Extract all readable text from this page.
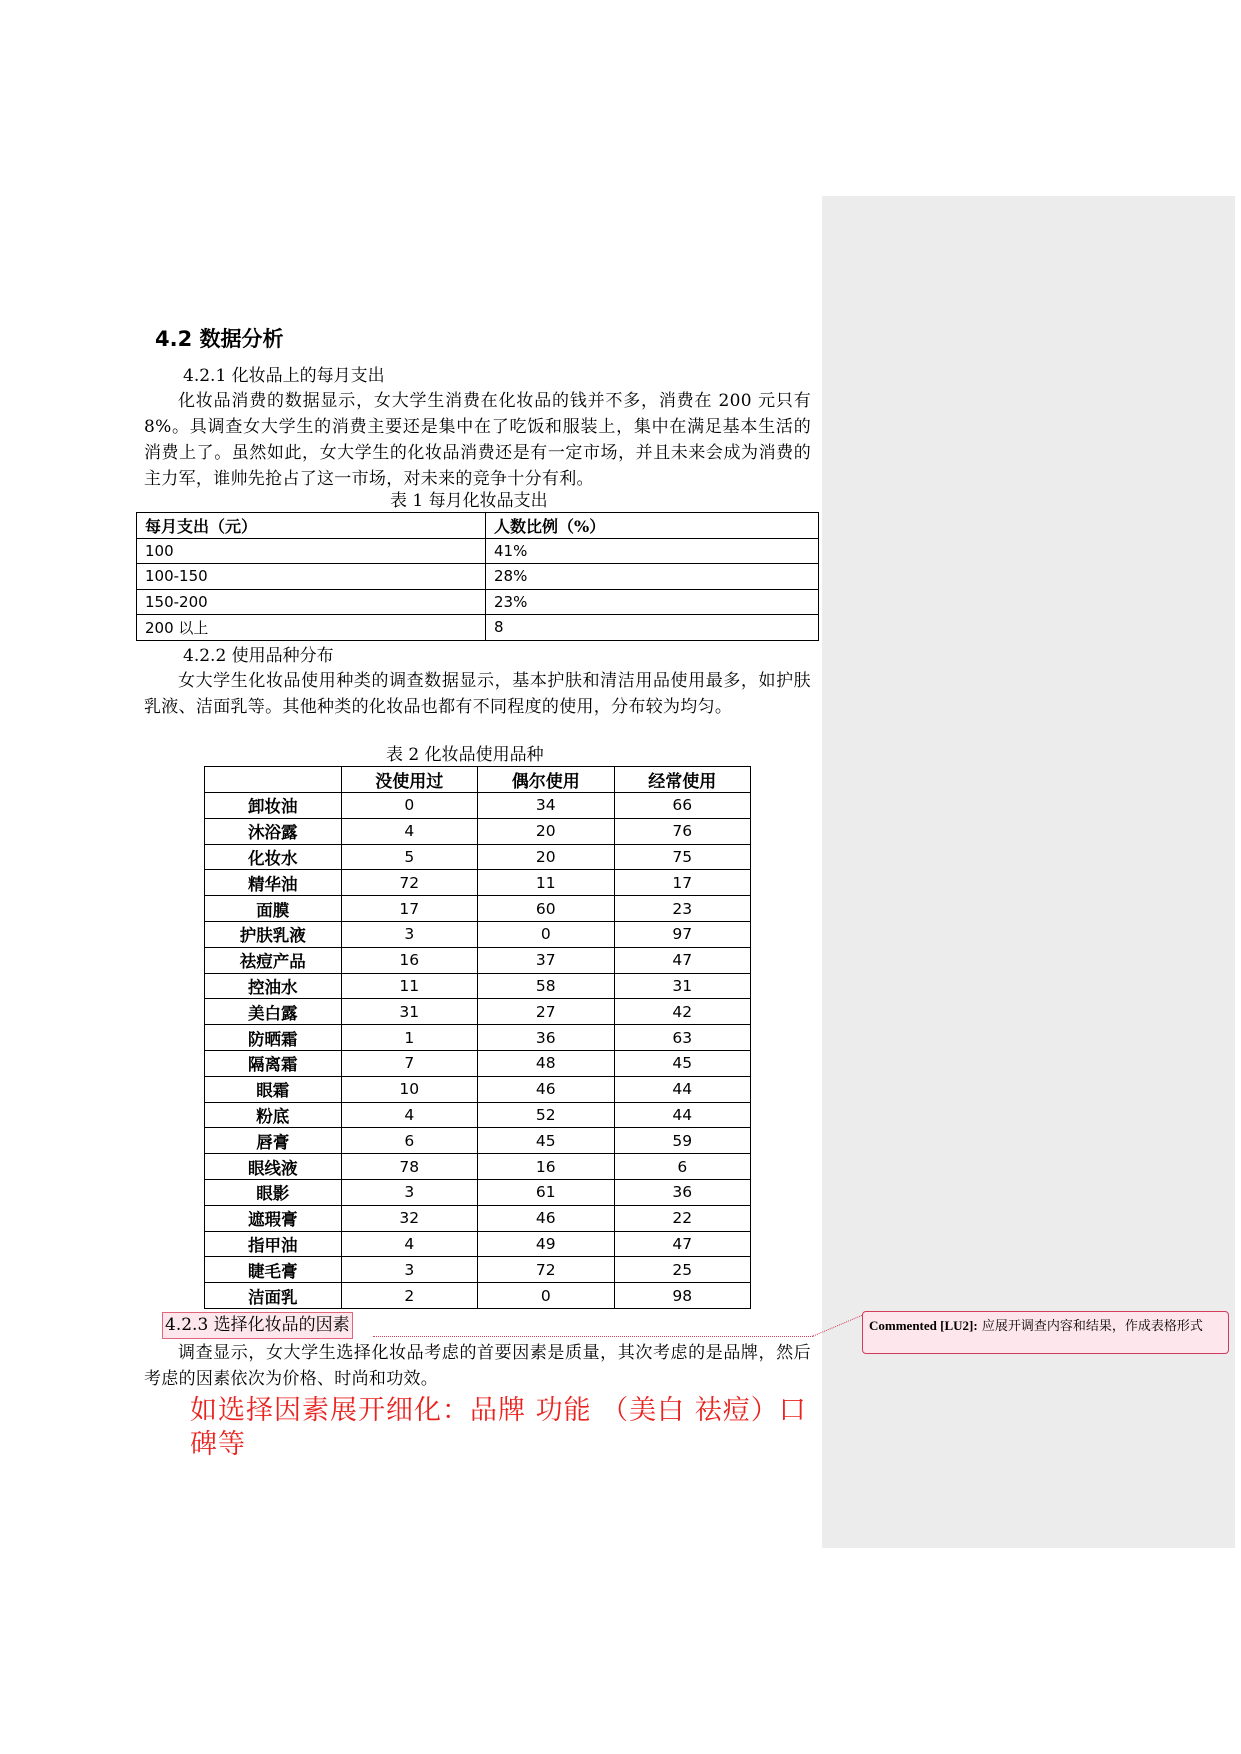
4.2 数据分析
4.2.1 化妆品上的每月支出
化妆品消费的数据显示，女大学生消费在化妆品的钱并不多，消费在 200 元只有 8%。具调查女大学生的消费主要还是集中在了吃饭和服装上，集中在满足基本生活的消费上了。虽然如此，女大学生的化妆品消费还是有一定市场，并且未来会成为消费的主力军，谁帅先抢占了这一市场，对未来的竞争十分有利。
表 1 每月化妆品支出
每月支出（元）	人数比例（%）
100	41%
100-150	28%
150-200	23%
200 以上	8
4.2.2 使用品种分布
女大学生化妆品使用种类的调查数据显示，基本护肤和清洁用品使用最多，如护肤乳液、洁面乳等。其他种类的化妆品也都有不同程度的使用，分布较为均匀。
表 2 化妆品使用品种
	没使用过	偶尔使用	经常使用
卸妆油	0	34	66
沐浴露	4	20	76
化妆水	5	20	75
精华油	72	11	17
面膜	17	60	23
护肤乳液	3	0	97
祛痘产品	16	37	47
控油水	11	58	31
美白露	31	27	42
防晒霜	1	36	63
隔离霜	7	48	45
眼霜	10	46	44
粉底	4	52	44
唇膏	6	45	59
眼线液	78	16	6
眼影	3	61	36
遮瑕膏	32	46	22
指甲油	4	49	47
睫毛膏	3	72	25
洁面乳	2	0	98
4.2.3 选择化妆品的因素
调查显示，女大学生选择化妆品考虑的首要因素是质量，其次考虑的是品牌，然后考虑的因素依次为价格、时尚和功效。
如选择因素展开细化：品牌 功能 （美白 祛痘）口碑等
Commented [LU2]: 应展开调查内容和结果，作成表格形式
